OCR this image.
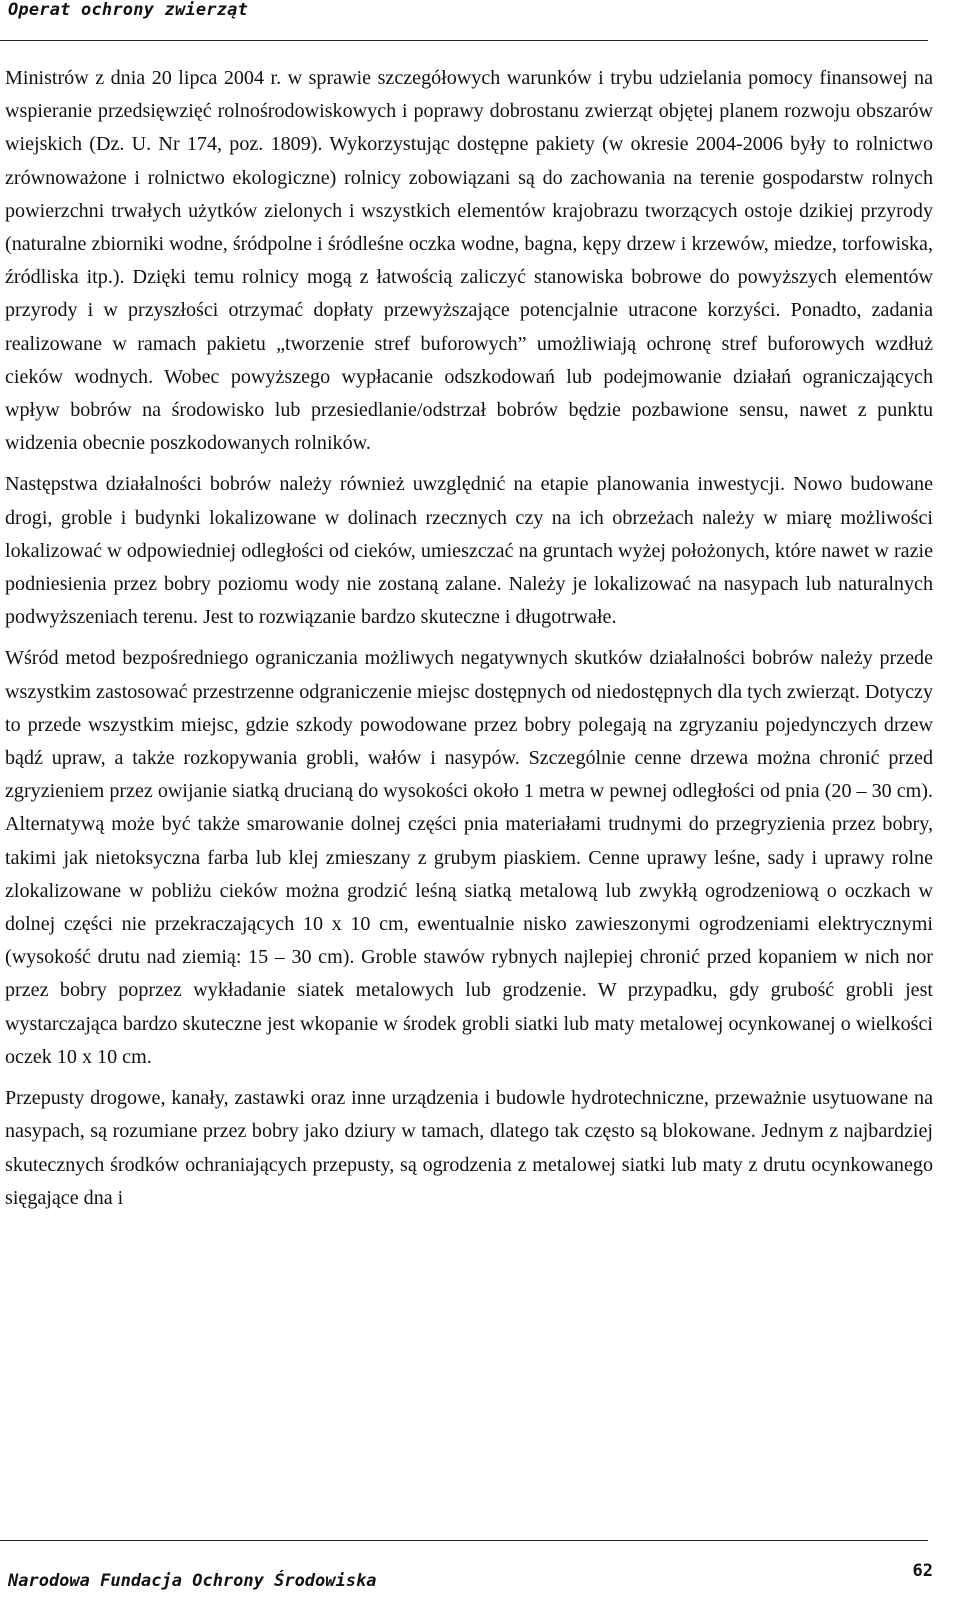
Operat ochrony zwierząt

Ministrów z dnia 20 lipca 2004 r. w sprawie szczegółowych warunków i trybu udzielania pomocy finansowej na wspieranie przedsięwzięć rolnośrodowiskowych i poprawy dobrostanu zwierząt objętej planem rozwoju obszarów wiejskich (Dz. U. Nr 174, poz. 1809). Wykorzystując dostępne pakiety (w okresie 2004-2006 były to rolnictwo zrównoważone i rolnictwo ekologiczne) rolnicy zobowiązani są do zachowania na terenie gospodarstw rolnych powierzchni trwałych użytków zielonych i wszystkich elementów krajobrazu tworzących ostoje dzikiej przyrody (naturalne zbiorniki wodne, śródpolne i śródleśne oczka wodne, bagna, kępy drzew i krzewów, miedze, torfowiska, źródliska itp.). Dzięki temu rolnicy mogą z łatwością zaliczyć stanowiska bobrowe do powyższych elementów przyrody i w przyszłości otrzymać dopłaty przewyższające potencjalnie utracone korzyści. Ponadto, zadania realizowane w ramach pakietu „tworzenie stref buforowych” umożliwiają ochronę stref buforowych wzdłuż cieków wodnych. Wobec powyższego wypłacanie odszkodowań lub podejmowanie działań ograniczających wpływ bobrów na środowisko lub przesiedlanie/odstrzał bobrów będzie pozbawione sensu, nawet z punktu widzenia obecnie poszkodowanych rolników.

Następstwa działalności bobrów należy również uwzględnić na etapie planowania inwestycji. Nowo budowane drogi, groble i budynki lokalizowane w dolinach rzecznych czy na ich obrzeżach należy w miarę możliwości lokalizować w odpowiedniej odległości od cieków, umieszczać na gruntach wyżej położonych, które nawet w razie podniesienia przez bobry poziomu wody nie zostaną zalane. Należy je lokalizować na nasypach lub naturalnych podwyższeniach terenu. Jest to rozwiązanie bardzo skuteczne i długotrwałe.

Wśród metod bezpośredniego ograniczania możliwych negatywnych skutków działalności bobrów należy przede wszystkim zastosować przestrzenne odgraniczenie miejsc dostępnych od niedostępnych dla tych zwierząt. Dotyczy to przede wszystkim miejsc, gdzie szkody powodowane przez bobry polegają na zgryzaniu pojedynczych drzew bądź upraw, a także rozkopywania grobli, wałów i nasypów. Szczególnie cenne drzewa można chronić przed zgryzieniem przez owijanie siatką drucianą do wysokości około 1 metra w pewnej odległości od pnia (20 – 30 cm). Alternatywą może być także smarowanie dolnej części pnia materiałami trudnymi do przegryzienia przez bobry, takimi jak nietoksyczna farba lub klej zmieszany z grubym piaskiem. Cenne uprawy leśne, sady i uprawy rolne zlokalizowane w pobliżu cieków można grodzić leśną siatką metalową lub zwykłą ogrodzeniową o oczkach w dolnej części nie przekraczających 10 x 10 cm, ewentualnie nisko zawieszonymi ogrodzeniami elektrycznymi (wysokość drutu nad ziemią: 15 – 30 cm). Groble stawów rybnych najlepiej chronić przed kopaniem w nich nor przez bobry poprzez wykładanie siatek metalowych lub grodzenie. W przypadku, gdy grubość grobli jest wystarczająca bardzo skuteczne jest wkopanie w środek grobli siatki lub maty metalowej ocynkowanej o wielkości oczek 10 x 10 cm.

Przepusty drogowe, kanały, zastawki oraz inne urządzenia i budowle hydrotechniczne, przeważnie usytuowane na nasypach, są rozumiane przez bobry jako dziury w tamach, dlatego tak często są blokowane. Jednym z najbardziej skutecznych środków ochraniających przepusty, są ogrodzenia z metalowej siatki lub maty z drutu ocynkowanego sięgające dna i

Narodowa Fundacja Ochrony Środowiska	62
